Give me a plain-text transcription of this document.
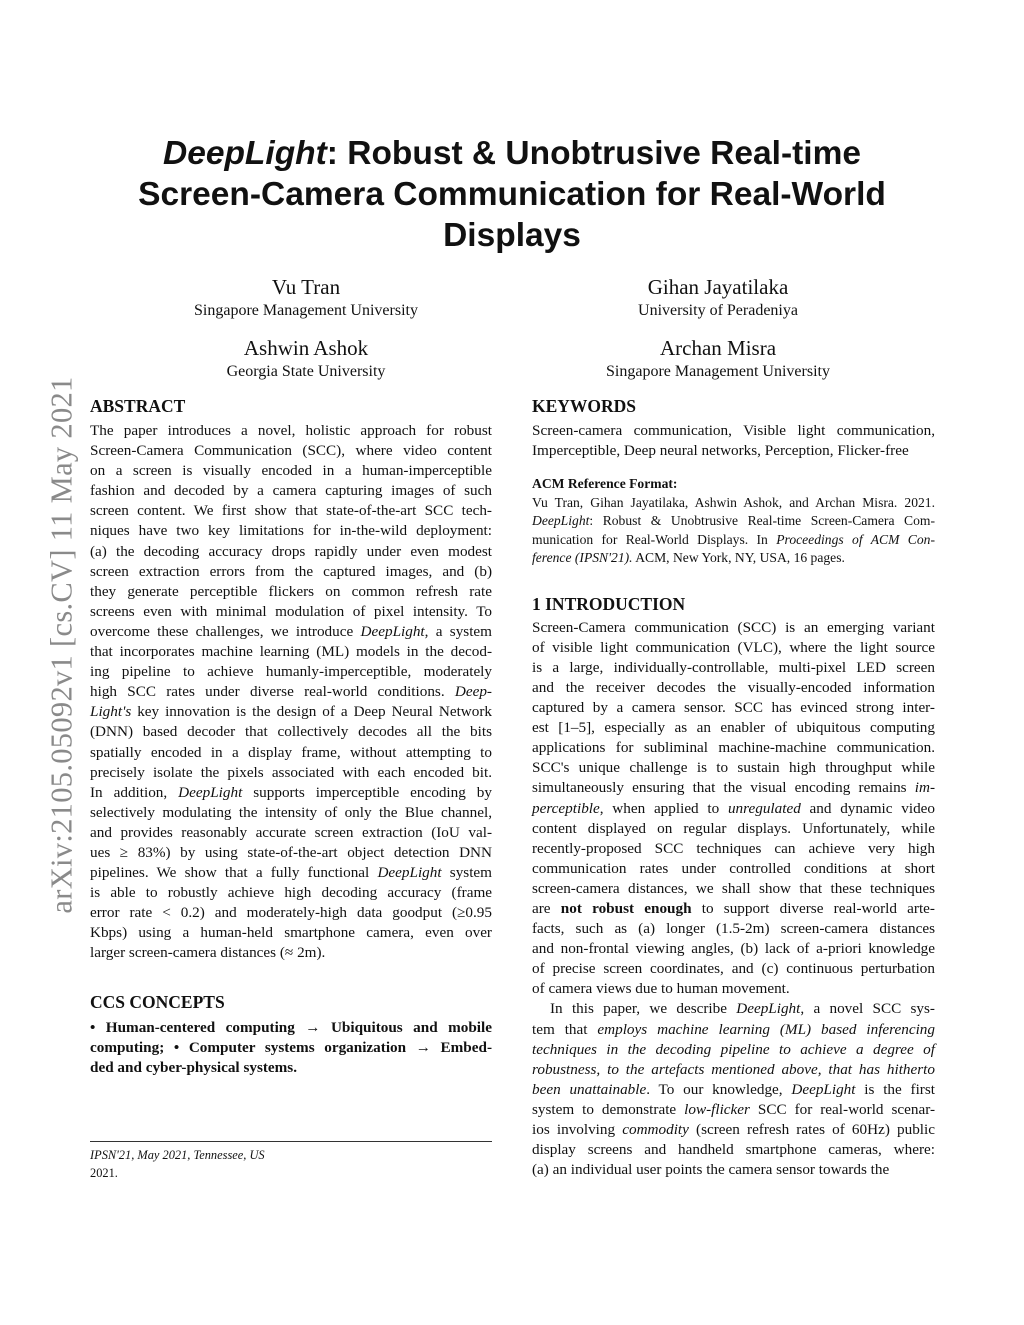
arXiv:2105.05092v1 [cs.CV] 11 May 2021
DeepLight: Robust & Unobtrusive Real-time
Screen-Camera Communication for Real-World
Displays
Vu Tran
Singapore Management University
Gihan Jayatilaka
University of Peradeniya
Ashwin Ashok
Georgia State University
Archan Misra
Singapore Management University
ABSTRACT
The paper introduces a novel, holistic approach for robust
Screen-Camera Communication (SCC), where video content
on a screen is visually encoded in a human-imperceptible
fashion and decoded by a camera capturing images of such
screen content. We first show that state-of-the-art SCC tech-
niques have two key limitations for in-the-wild deployment:
(a) the decoding accuracy drops rapidly under even modest
screen extraction errors from the captured images, and (b)
they generate perceptible flickers on common refresh rate
screens even with minimal modulation of pixel intensity. To
overcome these challenges, we introduce DeepLight, a system
that incorporates machine learning (ML) models in the decod-
ing pipeline to achieve humanly-imperceptible, moderately
high SCC rates under diverse real-world conditions. Deep-
Light's key innovation is the design of a Deep Neural Network
(DNN) based decoder that collectively decodes all the bits
spatially encoded in a display frame, without attempting to
precisely isolate the pixels associated with each encoded bit.
In addition, DeepLight supports imperceptible encoding by
selectively modulating the intensity of only the Blue channel,
and provides reasonably accurate screen extraction (IoU val-
ues ≥ 83%) by using state-of-the-art object detection DNN
pipelines. We show that a fully functional DeepLight system
is able to robustly achieve high decoding accuracy (frame
error rate < 0.2) and moderately-high data goodput (≥0.95
Kbps) using a human-held smartphone camera, even over
larger screen-camera distances (≈ 2m).
CCS CONCEPTS
• Human-centered computing → Ubiquitous and mobile
computing; • Computer systems organization → Embed-
ded and cyber-physical systems.
IPSN'21, May 2021, Tennessee, US
2021.
KEYWORDS
Screen-camera communication, Visible light communication,
Imperceptible, Deep neural networks, Perception, Flicker-free
ACM Reference Format:
Vu Tran, Gihan Jayatilaka, Ashwin Ashok, and Archan Misra. 2021.
DeepLight: Robust & Unobtrusive Real-time Screen-Camera Com-
munication for Real-World Displays. In Proceedings of ACM Con-
ference (IPSN'21). ACM, New York, NY, USA, 16 pages.
1 INTRODUCTION
Screen-Camera communication (SCC) is an emerging variant
of visible light communication (VLC), where the light source
is a large, individually-controllable, multi-pixel LED screen
and the receiver decodes the visually-encoded information
captured by a camera sensor. SCC has evinced strong inter-
est [1–5], especially as an enabler of ubiquitous computing
applications for subliminal machine-machine communication.
SCC's unique challenge is to sustain high throughput while
simultaneously ensuring that the visual encoding remains im-
perceptible, when applied to unregulated and dynamic video
content displayed on regular displays. Unfortunately, while
recently-proposed SCC techniques can achieve very high
communication rates under controlled conditions at short
screen-camera distances, we shall show that these techniques
are not robust enough to support diverse real-world arte-
facts, such as (a) longer (1.5-2m) screen-camera distances
and non-frontal viewing angles, (b) lack of a-priori knowledge
of precise screen coordinates, and (c) continuous perturbation
of camera views due to human movement.
In this paper, we describe DeepLight, a novel SCC sys-
tem that employs machine learning (ML) based inferencing
techniques in the decoding pipeline to achieve a degree of
robustness, to the artefacts mentioned above, that has hitherto
been unattainable. To our knowledge, DeepLight is the first
system to demonstrate low-flicker SCC for real-world scenar-
ios involving commodity (screen refresh rates of 60Hz) public
display screens and handheld smartphone cameras, where:
(a) an individual user points the camera sensor towards the
